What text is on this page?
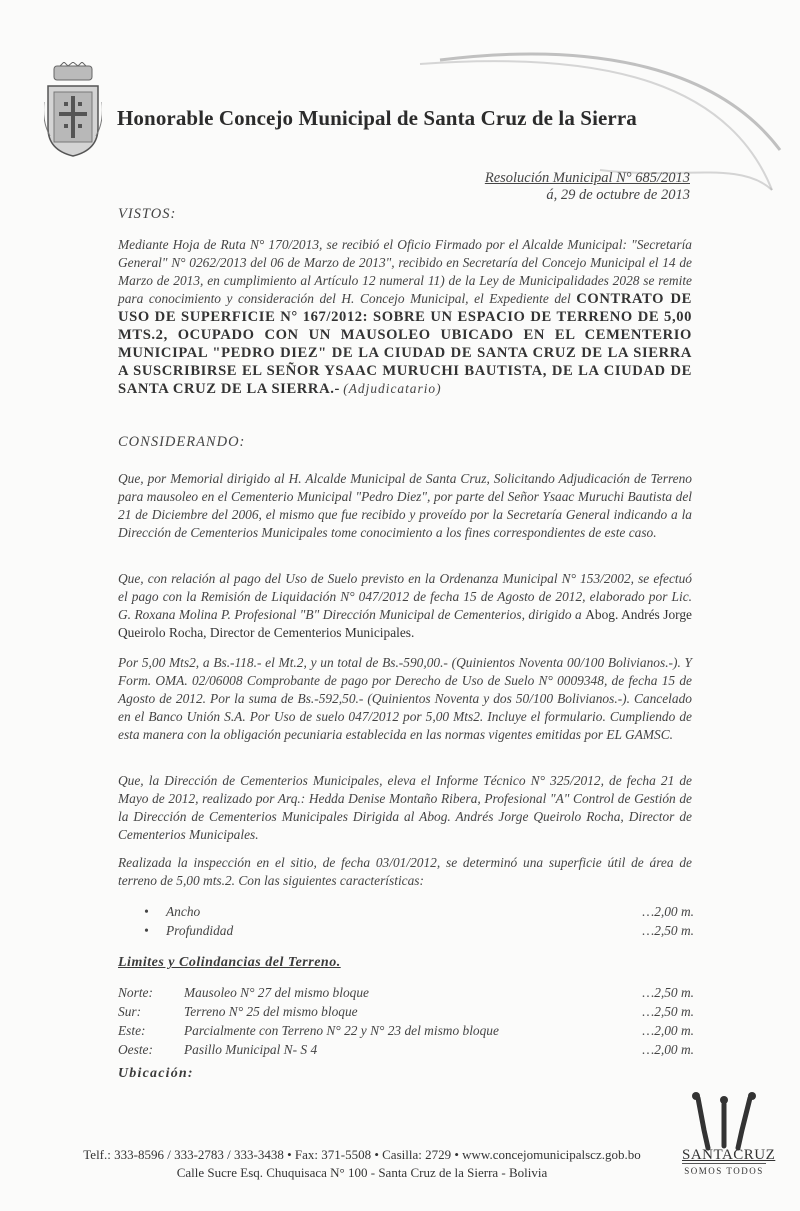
Honorable Concejo Municipal de Santa Cruz de la Sierra
Resolución Municipal N° 685/2013
á, 29 de octubre de 2013
VISTOS:
Mediante Hoja de Ruta N° 170/2013, se recibió el Oficio Firmado por el Alcalde Municipal: "Secretaría General" N° 0262/2013 del 06 de Marzo de 2013", recibido en Secretaría del Concejo Municipal el 14 de Marzo de 2013, en cumplimiento al Artículo 12 numeral 11) de la Ley de Municipalidades 2028 se remite para conocimiento y consideración del H. Concejo Municipal, el Expediente del CONTRATO DE USO DE SUPERFICIE N° 167/2012: SOBRE UN ESPACIO DE TERRENO DE 5,00 MTS.2, OCUPADO CON UN MAUSOLEO UBICADO EN EL CEMENTERIO MUNICIPAL "PEDRO DIEZ" DE LA CIUDAD DE SANTA CRUZ DE LA SIERRA A SUSCRIBIRSE EL SEÑOR YSAAC MURUCHI BAUTISTA, DE LA CIUDAD DE SANTA CRUZ DE LA SIERRA.- (Adjudicatario)
CONSIDERANDO:
Que, por Memorial dirigido al H. Alcalde Municipal de Santa Cruz, Solicitando Adjudicación de Terreno para mausoleo en el Cementerio Municipal "Pedro Diez", por parte del Señor Ysaac Muruchi Bautista del 21 de Diciembre del 2006, el mismo que fue recibido y proveído por la Secretaría General indicando a la Dirección de Cementerios Municipales tome conocimiento a los fines correspondientes de este caso.
Que, con relación al pago del Uso de Suelo previsto en la Ordenanza Municipal N° 153/2002, se efectuó el pago con la Remisión de Liquidación N° 047/2012 de fecha 15 de Agosto de 2012, elaborado por Lic. G. Roxana Molina P. Profesional "B" Dirección Municipal de Cementerios, dirigido a Abog. Andrés Jorge Queirolo Rocha, Director de Cementerios Municipales.
Por 5,00 Mts2, a Bs.-118.- el Mt.2, y un total de Bs.-590,00.- (Quinientos Noventa 00/100 Bolivianos.-). Y Form. OMA. 02/06008 Comprobante de pago por Derecho de Uso de Suelo N° 0009348, de fecha 15 de Agosto de 2012. Por la suma de Bs.-592,50.- (Quinientos Noventa y dos 50/100 Bolivianos.-). Cancelado en el Banco Unión S.A. Por Uso de suelo 047/2012 por 5,00 Mts2. Incluye el formulario. Cumpliendo de esta manera con la obligación pecuniaria establecida en las normas vigentes emitidas por EL GAMSC.
Que, la Dirección de Cementerios Municipales, eleva el Informe Técnico N° 325/2012, de fecha 21 de Mayo de 2012, realizado por Arq.: Hedda Denise Montaño Ribera, Profesional "A" Control de Gestión de la Dirección de Cementerios Municipales Dirigida al Abog. Andrés Jorge Queirolo Rocha, Director de Cementerios Municipales.
Realizada la inspección en el sitio, de fecha 03/01/2012, se determinó una superficie útil de área de terreno de 5,00 mts.2. Con las siguientes características:
• Ancho	…2,00 m.
• Profundidad	…2,50 m.
Limites y Colindancias del Terreno.
Norte: Mausoleo N° 27 del mismo bloque	…2,50 m.
Sur:	Terreno N° 25 del mismo bloque	…2,50 m.
Este:	Parcialmente con Terreno N° 22 y N° 23 del mismo bloque	…2,00 m.
Oeste: Pasillo Municipal N- S 4	…2,00 m.
Ubicación:
Telf.: 333-8596 / 333-2783 / 333-3438 • Fax: 371-5508 • Casilla: 2729 • www.concejomunicipalscz.gob.bo
Calle Sucre Esq. Chuquisaca N° 100 - Santa Cruz de la Sierra - Bolivia
SANTACRUZ
SOMOS TODOS
